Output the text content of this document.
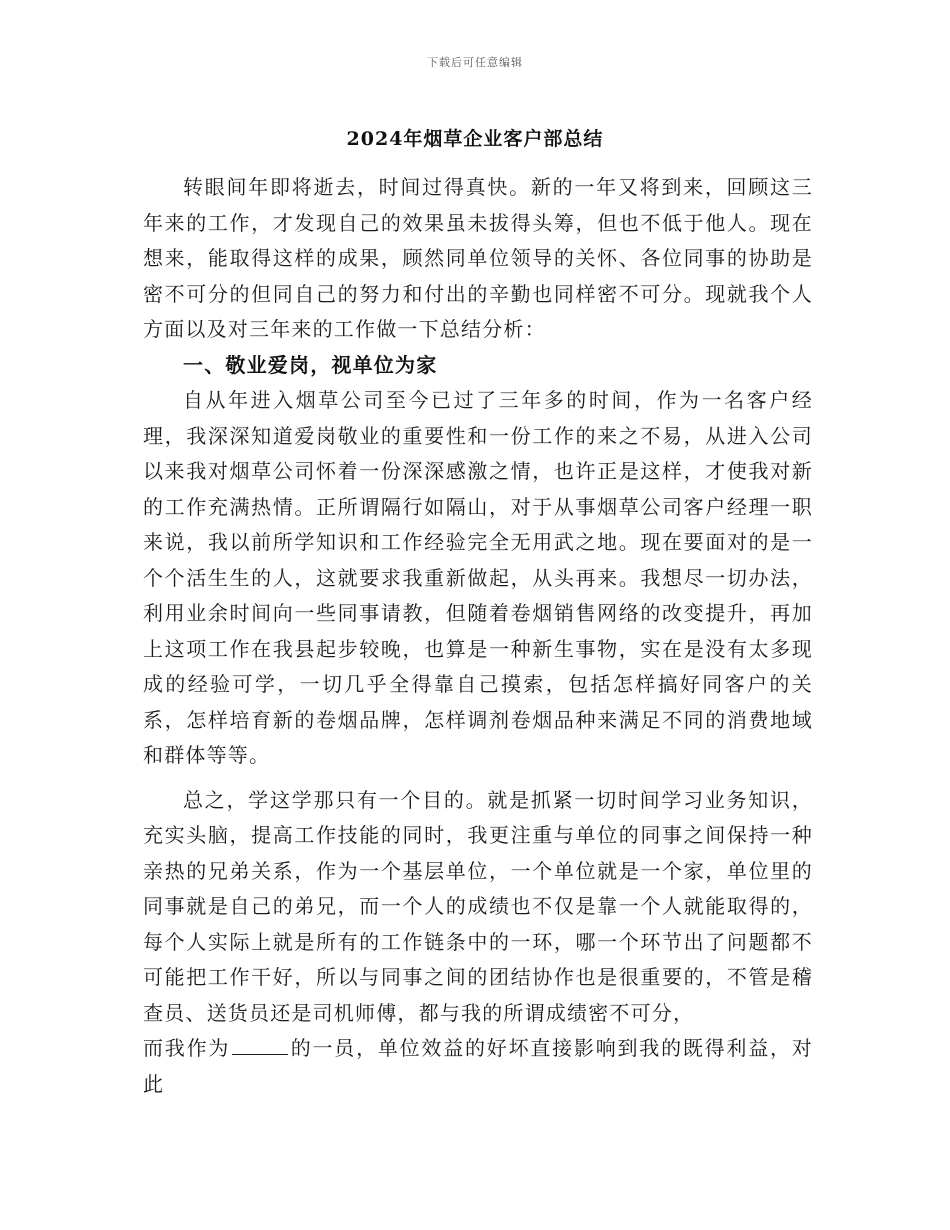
下载后可任意编辑
2024年烟草企业客户部总结

转眼间年即将逝去，时间过得真快。新的一年又将到来，回顾这三年来的工作，才发现自己的效果虽未拔得头筹，但也不低于他人。现在想来，能取得这样的成果，顾然同单位领导的关怀、各位同事的协助是密不可分的但同自己的努力和付出的辛勤也同样密不可分。现就我个人方面以及对三年来的工作做一下总结分析：

一、敬业爱岗，视单位为家

自从年进入烟草公司至今已过了三年多的时间，作为一名客户经理，我深深知道爱岗敬业的重要性和一份工作的来之不易，从进入公司以来我对烟草公司怀着一份深深感激之情，也许正是这样，才使我对新的工作充满热情。正所谓隔行如隔山，对于从事烟草公司客户经理一职来说，我以前所学知识和工作经验完全无用武之地。现在要面对的是一个个活生生的人，这就要求我重新做起，从头再来。我想尽一切办法，利用业余时间向一些同事请教，但随着卷烟销售网络的改变提升，再加上这项工作在我县起步较晚，也算是一种新生事物，实在是没有太多现成的经验可学，一切几乎全得靠自己摸索，包括怎样搞好同客户的关系，怎样培育新的卷烟品牌，怎样调剂卷烟品种来满足不同的消费地域和群体等等。

总之，学这学那只有一个目的。就是抓紧一切时间学习业务知识，充实头脑，提高工作技能的同时，我更注重与单位的同事之间保持一种亲热的兄弟关系，作为一个基层单位，一个单位就是一个家，单位里的同事就是自己的弟兄，而一个人的成绩也不仅是靠一个人就能取得的，每个人实际上就是所有的工作链条中的一环，哪一个环节出了问题都不可能把工作干好，所以与同事之间的团结协作也是很重要的，不管是稽查员、送货员还是司机师傅，都与我的所谓成绩密不可分，

而我作为	的一员，单位效益的好坏直接影响到我的既得利益，对此
